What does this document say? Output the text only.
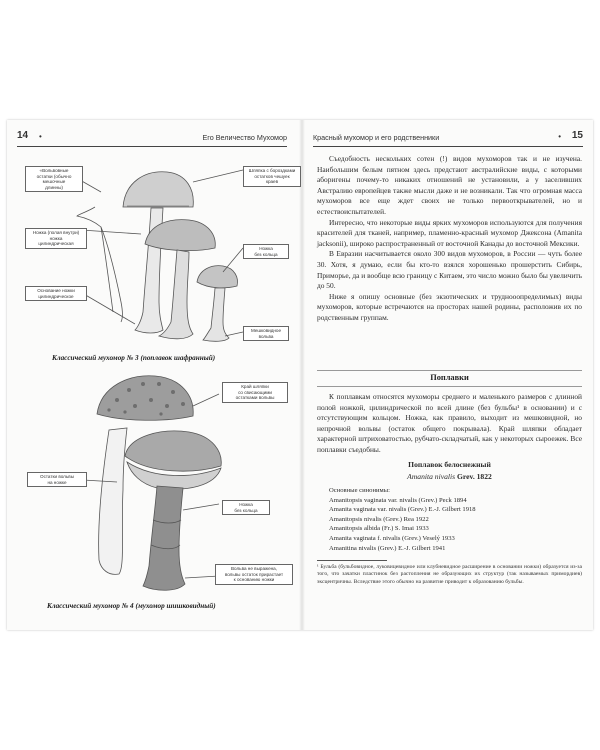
14 •	Его Величество Мухомор	Красный мухомор и его родственники	• 15
«Вольвовные
остатки (обычно
мешочные
длинны)
Шляпка с бороздками
остатков чешуек
краев
Ножка (полая внутри)
ножка
цилиндрическая
Ножка
без кольца
Основание ножки
цилиндрическое
Мешковидное
вольва
Классический мухомор № 3 (поплавок шафранный)
Край шляпки
со свисающими
остатками вольвы
Остатки вольвы
на ножке
Ножка
без кольца
Вольва не выражена,
вольвы остаток прирастает
к основанию ножки
Классический мухомор № 4 (мухомор шишковидный)

Съедобность нескольких сотен (!) видов мухоморов так и не изучена. Наибольшим белым пятном здесь предстают австралийские виды, с которыми аборигены почему-то никаких отношений не установили, а у заселивших Австралию европейцев также мысли даже и не возникали. Так что огромная масса мухоморов все еще ждет своих не только первооткрывателей, но и естествоиспытателей.

Интересно, что некоторые виды ярких мухоморов используются для получения красителей для тканей, например, пламенно-красный мухомор Джексона (Amanita jacksonii), широко распространенный от восточной Канады до восточной Мексики.

В Евразии насчитывается около 300 видов мухоморов, в России — чуть более 30. Хотя, я думаю, если бы кто-то взялся хорошенько прошерстить Сибирь, Приморье, да и вообще всю границу с Китаем, это число можно было бы увеличить до 50.

Ниже я опишу основные (без экзотических и труднооопределимых) виды мухоморов, которые встречаются на просторах нашей родины, расположив их по родственным группам.

Поплавки

К поплавкам относятся мухоморы среднего и маленького размеров с длинной полой ножкой, цилиндрической по всей длине (без бульбы¹ в основании) и с отсутствующим кольцом. Ножка, как правило, выходит из мешковидной, но непрочной вольвы (остаток общего покрывала). Край шляпки обладает характерной штриховатостью, рубчато-складчатый, как у некоторых сыроежек. Все поплавки съедобны.

Поплавок белоснежный
Amanita nivalis Grev. 1822
Основные синонимы:
Amanitopsis vaginata var. nivalis (Grev.) Peck 1894
Amanita vaginata var. nivalis (Grev.) E.-J. Gilbert 1918
Amanitopsis nivalis (Grev.) Rea 1922
Amanitopsis albida (Fr.) S. Imai 1933
Amanita vaginata f. nivalis (Grev.) Veselý 1933
Amanitina nivalis (Grev.) E.-J. Gilbert 1941
¹ Бульба (бульбовидное, луковицевидное или клубневидное расширение в основании ножки) образуется из-за того, что зачатки пластинок без растопления не образующих их структур (так называемых примордиев) эксцентричны. Вследствие этого обычно на развитие приводит к образованию бульбы.
